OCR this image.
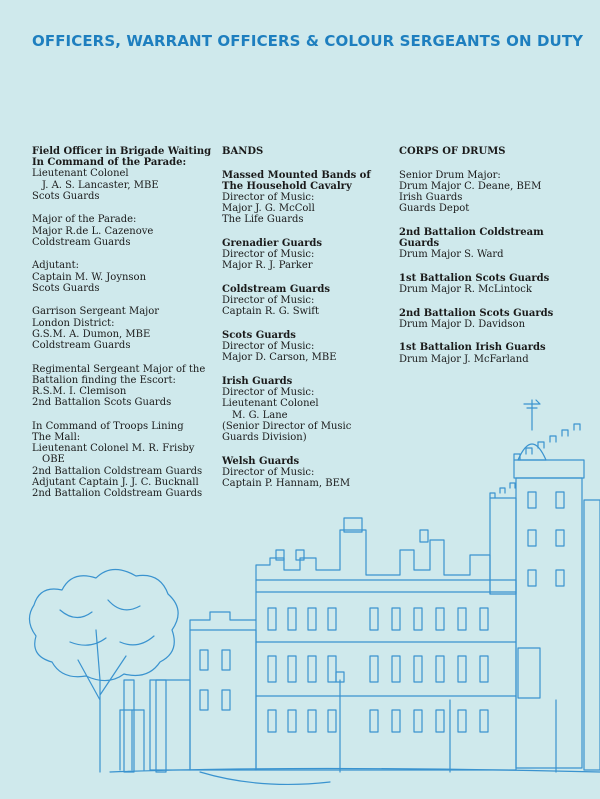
OFFICERS, WARRANT OFFICERS & COLOUR SERGEANTS ON DUTY
Field Officer in Brigade Waiting
In Command of the Parade:
Lieutenant Colonel
J. A. S. Lancaster, MBE
Scots Guards
Major of the Parade:
Major R.de L. Cazenove
Coldstream Guards
Adjutant:
Captain M. W. Joynson
Scots Guards
Garrison Sergeant Major
London District:
G.S.M. A. Dumon, MBE
Coldstream Guards
Regimental Sergeant Major of the
Battalion finding the Escort:
R.S.M. I. Clemison
2nd Battalion Scots Guards
In Command of Troops Lining
The Mall:
Lieutenant Colonel M. R. Frisby
OBE
2nd Battalion Coldstream Guards
Adjutant Captain J. J. C. Bucknall
2nd Battalion Coldstream Guards
BANDS
Massed Mounted Bands of
The Household Cavalry
Director of Music:
Major J. G. McColl
The Life Guards
Grenadier Guards
Director of Music:
Major R. J. Parker
Coldstream Guards
Director of Music:
Captain R. G. Swift
Scots Guards
Director of Music:
Major D. Carson, MBE
Irish Guards
Director of Music:
Lieutenant Colonel
M. G. Lane
(Senior Director of Music
Guards Division)
Welsh Guards
Director of Music:
Captain P. Hannam, BEM
CORPS OF DRUMS
Senior Drum Major:
Drum Major C. Deane, BEM
Irish Guards
Guards Depot
2nd Battalion Coldstream
Guards
Drum Major S. Ward
1st Battalion Scots Guards
Drum Major R. McLintock
2nd Battalion Scots Guards
Drum Major D. Davidson
1st Battalion Irish Guards
Drum Major J. McFarland
